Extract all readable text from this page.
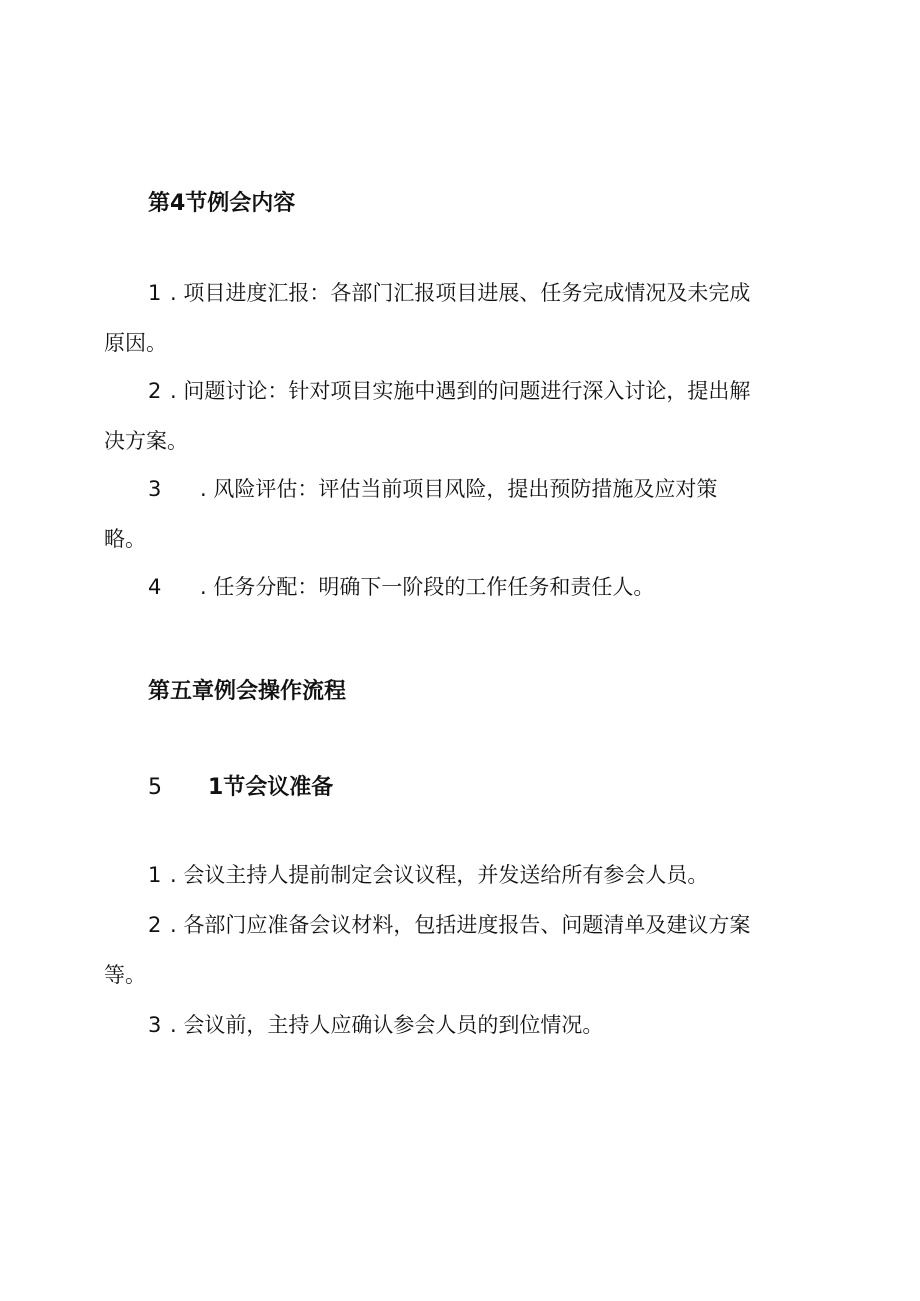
第4节例会内容
1 . 项目进度汇报：各部门汇报项目进展、任务完成情况及未完成
原因。
2 . 问题讨论：针对项目实施中遇到的问题进行深入讨论，提出解
决方案。
3 . 风险评估：评估当前项目风险，提出预防措施及应对策
略。
4 . 任务分配：明确下一阶段的工作任务和责任人。
第五章例会操作流程
5 1节会议准备
1 . 会议主持人提前制定会议议程，并发送给所有参会人员。
2 . 各部门应准备会议材料，包括进度报告、问题清单及建议方案
等。
3 . 会议前，主持人应确认参会人员的到位情况。
